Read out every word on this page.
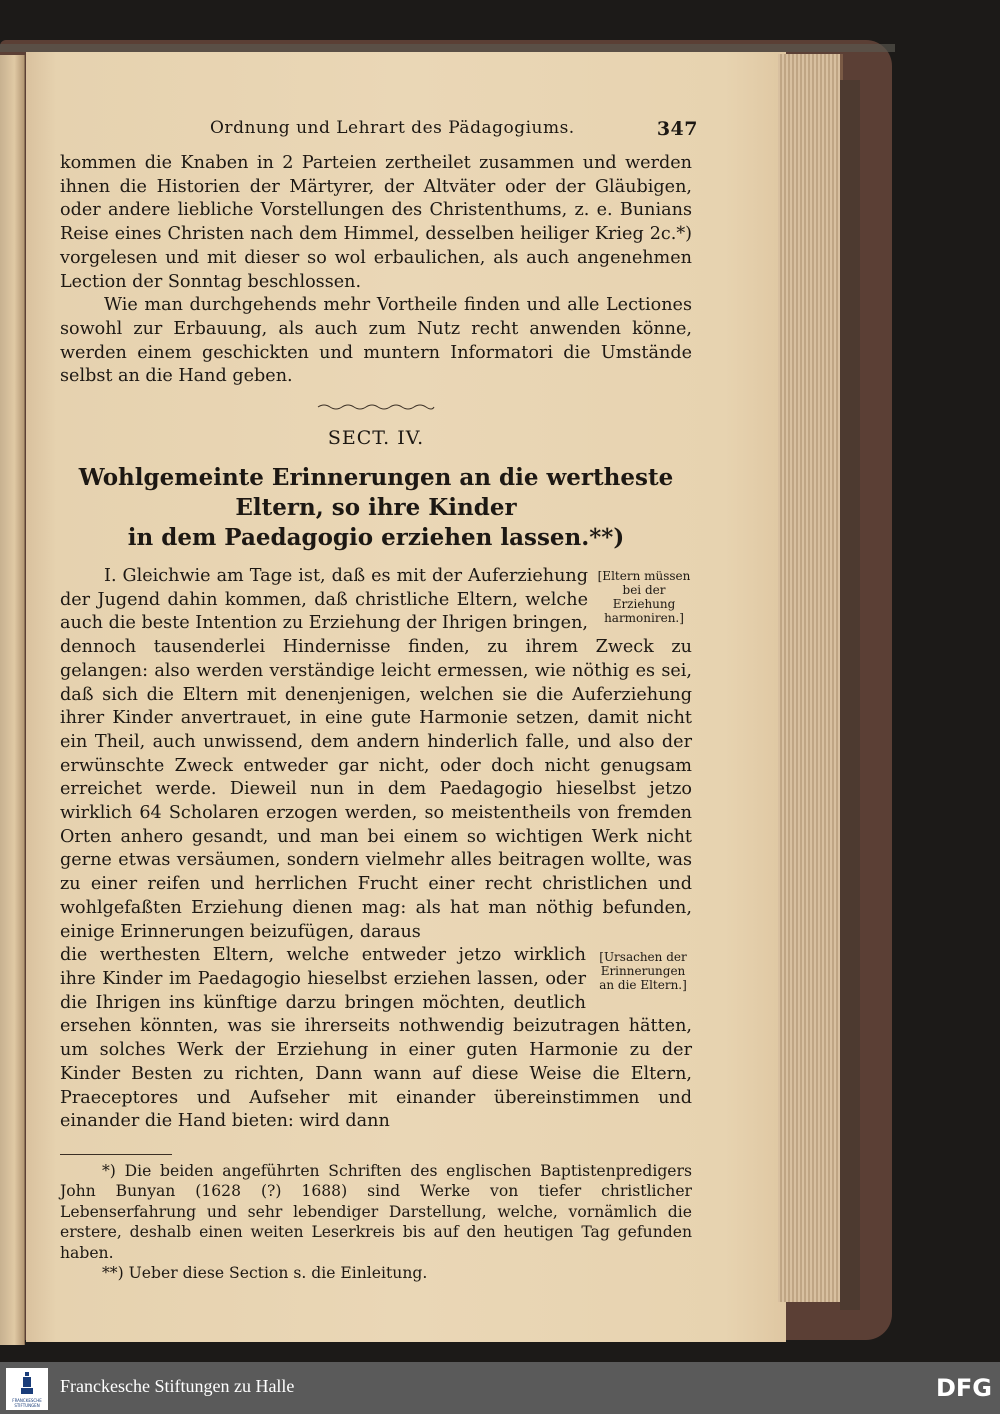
Ordnung und Lehrart des Pädagogiums.	347

kommen die Knaben in 2 Parteien zertheilet zusammen und werden ihnen die Historien der Märtyrer, der Altväter oder der Gläubigen, oder andere liebliche Vorstellungen des Christenthums, z. e. Bunians Reise eines Christen nach dem Himmel, desselben heiliger Krieg 2c.*) vorgelesen und mit dieser so wol erbaulichen, als auch angenehmen Lection der Sonntag beschlossen.

Wie man durchgehends mehr Vortheile finden und alle Lectiones sowohl zur Erbauung, als auch zum Nutz recht anwenden könne, werden einem geschickten und muntern Informatori die Umstände selbst an die Hand geben.

SECT. IV.
Wohlgemeinte Erinnerungen an die wertheste Eltern, so ihre Kinder
in dem Paedagogio erziehen lassen.**)
[Eltern müssen bei der Erziehung harmoniren.]

I. Gleichwie am Tage ist, daß es mit der Auferziehung der Jugend dahin kommen, daß christliche Eltern, welche auch die beste Intention zu Erziehung der Ihrigen bringen, dennoch tausenderlei Hindernisse finden, zu ihrem Zweck zu gelangen: also werden verständige leicht ermessen, wie nöthig es sei, daß sich die Eltern mit denenjenigen, welchen sie die Auferziehung ihrer Kinder anvertrauet, in eine gute Harmonie setzen, damit nicht ein Theil, auch unwissend, dem andern hinderlich falle, und also der erwünschte Zweck entweder gar nicht, oder doch nicht genugsam erreichet werde. Dieweil nun in dem Paedagogio hieselbst jetzo wirklich 64 Scholaren erzogen werden, so meistentheils von fremden Orten anhero gesandt, und man bei einem so wichtigen Werk nicht gerne etwas versäumen, sondern vielmehr alles beitragen wollte, was zu einer reifen und herrlichen Frucht einer recht christlichen und wohlgefaßten Erziehung dienen mag: als hat man nöthig befunden, einige Erinnerungen beizufügen, daraus

[Ursachen der Erinnerungen an die Eltern.]

die werthesten Eltern, welche entweder jetzo wirklich ihre Kinder im Paedagogio hieselbst erziehen lassen, oder die Ihrigen ins künftige darzu bringen möchten, deutlich ersehen könnten, was sie ihrerseits nothwendig beizutragen hätten, um solches Werk der Erziehung in einer guten Harmonie zu der Kinder Besten zu richten, Dann wann auf diese Weise die Eltern, Praeceptores und Aufseher mit einander übereinstimmen und einander die Hand bieten: wird dann

*) Die beiden angeführten Schriften des englischen Baptistenpredigers John Bunyan (1628 (?) 1688) sind Werke von tiefer christlicher Lebenserfahrung und sehr lebendiger Darstellung, welche, vornämlich die erstere, deshalb einen weiten Leserkreis bis auf den heutigen Tag gefunden haben.

**) Ueber diese Section s. die Einleitung.

FRANCKESCHE STIFTUNGEN
Franckesche Stiftungen zu Halle	DFG
